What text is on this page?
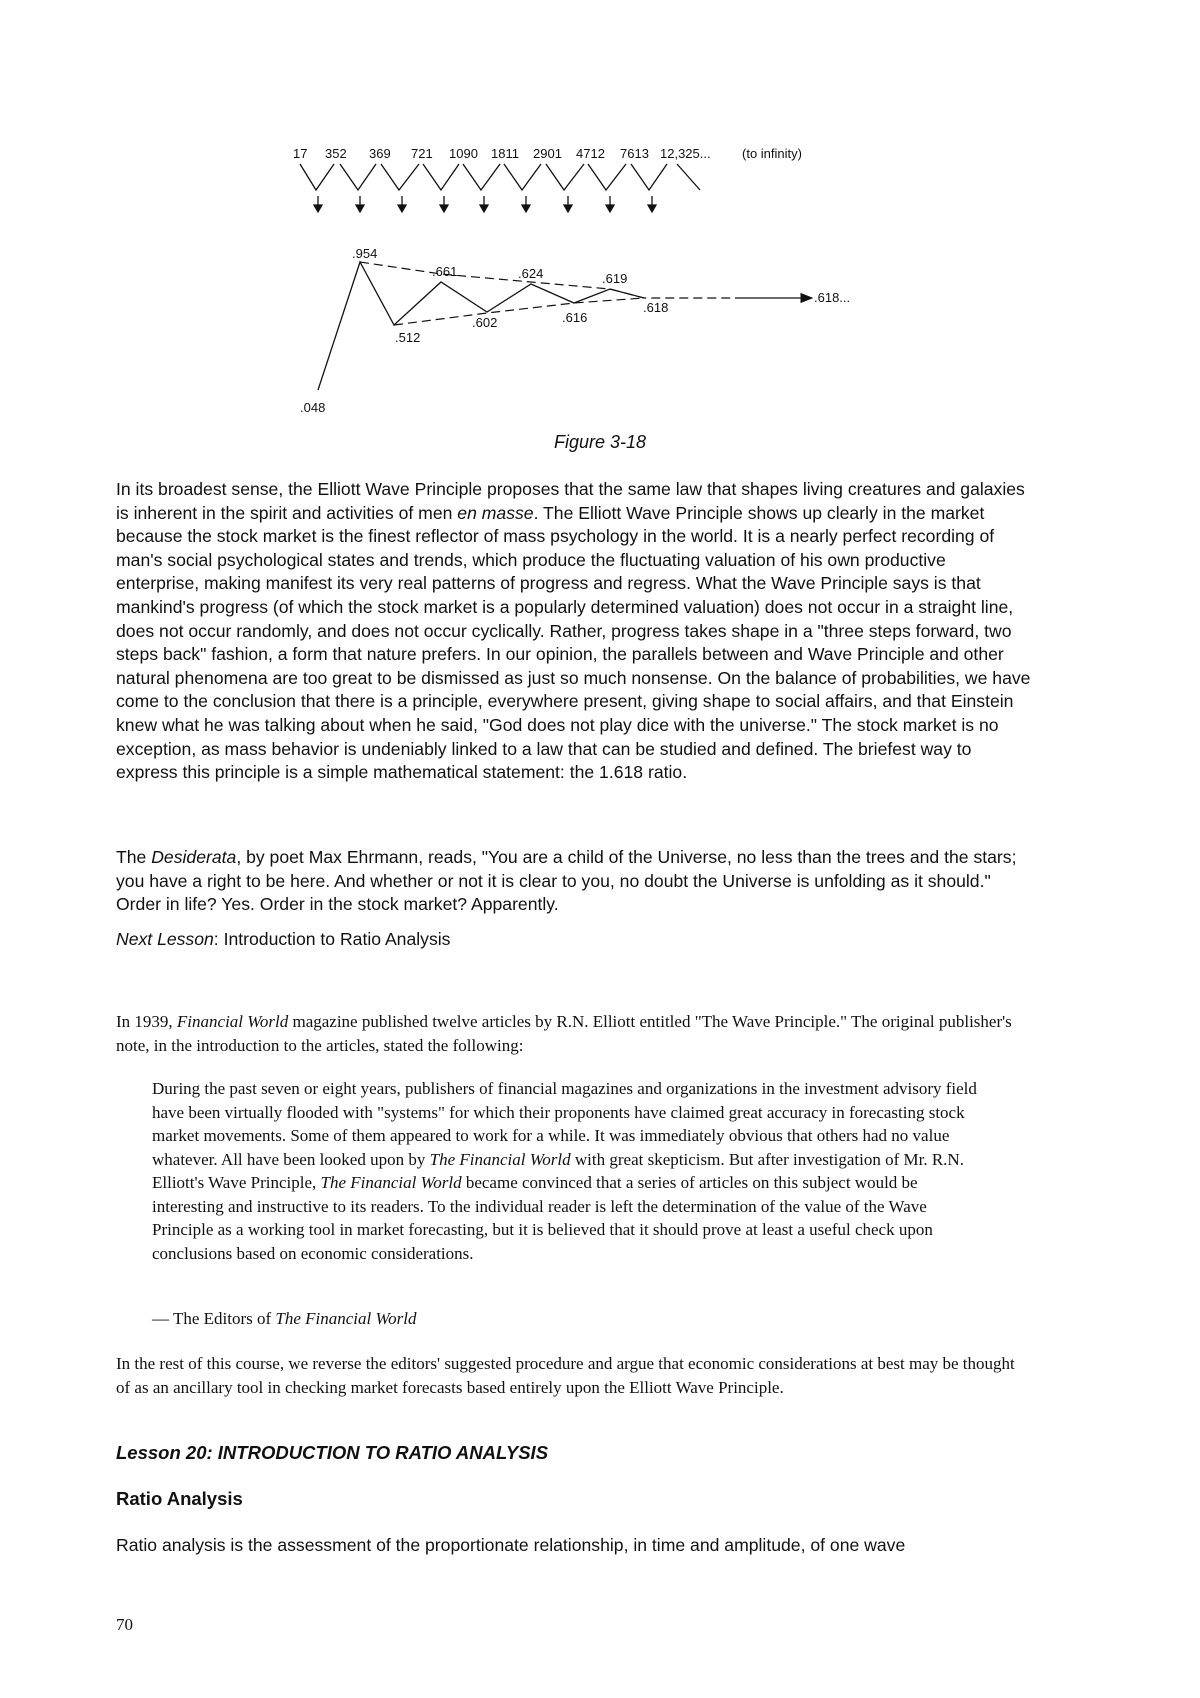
17 352 369 721 1090 1811 2901 4712 7613 12,325... (to infinity)
.954
.661	.624	.619
.618...
.512
.602	.616
.618
.048
Figure 3-18

In its broadest sense, the Elliott Wave Principle proposes that the same law that shapes living creatures and galaxies is inherent in the spirit and activities of men en masse. The Elliott Wave Principle shows up clearly in the market because the stock market is the finest reflector of mass psychology in the world. It is a nearly perfect recording of man's social psychological states and trends, which produce the fluctuating valuation of his own productive enterprise, making manifest its very real patterns of progress and regress. What the Wave Principle says is that mankind's progress (of which the stock market is a popularly determined valuation) does not occur in a straight line, does not occur randomly, and does not occur cyclically. Rather, progress takes shape in a "three steps forward, two steps back" fashion, a form that nature prefers. In our opinion, the parallels between and Wave Principle and other natural phenomena are too great to be dismissed as just so much nonsense. On the balance of probabilities, we have come to the conclusion that there is a principle, everywhere present, giving shape to social affairs, and that Einstein knew what he was talking about when he said, "God does not play dice with the universe." The stock market is no exception, as mass behavior is undeniably linked to a law that can be studied and defined. The briefest way to express this principle is a simple mathematical statement: the 1.618 ratio.

The Desiderata, by poet Max Ehrmann, reads, "You are a child of the Universe, no less than the trees and the stars; you have a right to be here. And whether or not it is clear to you, no doubt the Universe is unfolding as it should." Order in life? Yes. Order in the stock market? Apparently.

Next Lesson: Introduction to Ratio Analysis

In 1939, Financial World magazine published twelve articles by R.N. Elliott entitled "The Wave Principle." The original publisher's note, in the introduction to the articles, stated the following:

During the past seven or eight years, publishers of financial magazines and organizations in the investment advisory field have been virtually flooded with "systems" for which their proponents have claimed great accuracy in forecasting stock market movements. Some of them appeared to work for a while. It was immediately obvious that others had no value whatever. All have been looked upon by The Financial World with great skepticism. But after investigation of Mr. R.N. Elliott's Wave Principle, The Financial World became convinced that a series of articles on this subject would be interesting and instructive to its readers. To the individual reader is left the determination of the value of the Wave Principle as a working tool in market forecasting, but it is believed that it should prove at least a useful check upon conclusions based on economic considerations.

— The Editors of The Financial World

In the rest of this course, we reverse the editors' suggested procedure and argue that economic considerations at best may be thought of as an ancillary tool in checking market forecasts based entirely upon the Elliott Wave Principle.

Lesson 20: INTRODUCTION TO RATIO ANALYSIS
Ratio Analysis

Ratio analysis is the assessment of the proportionate relationship, in time and amplitude, of one wave

70
